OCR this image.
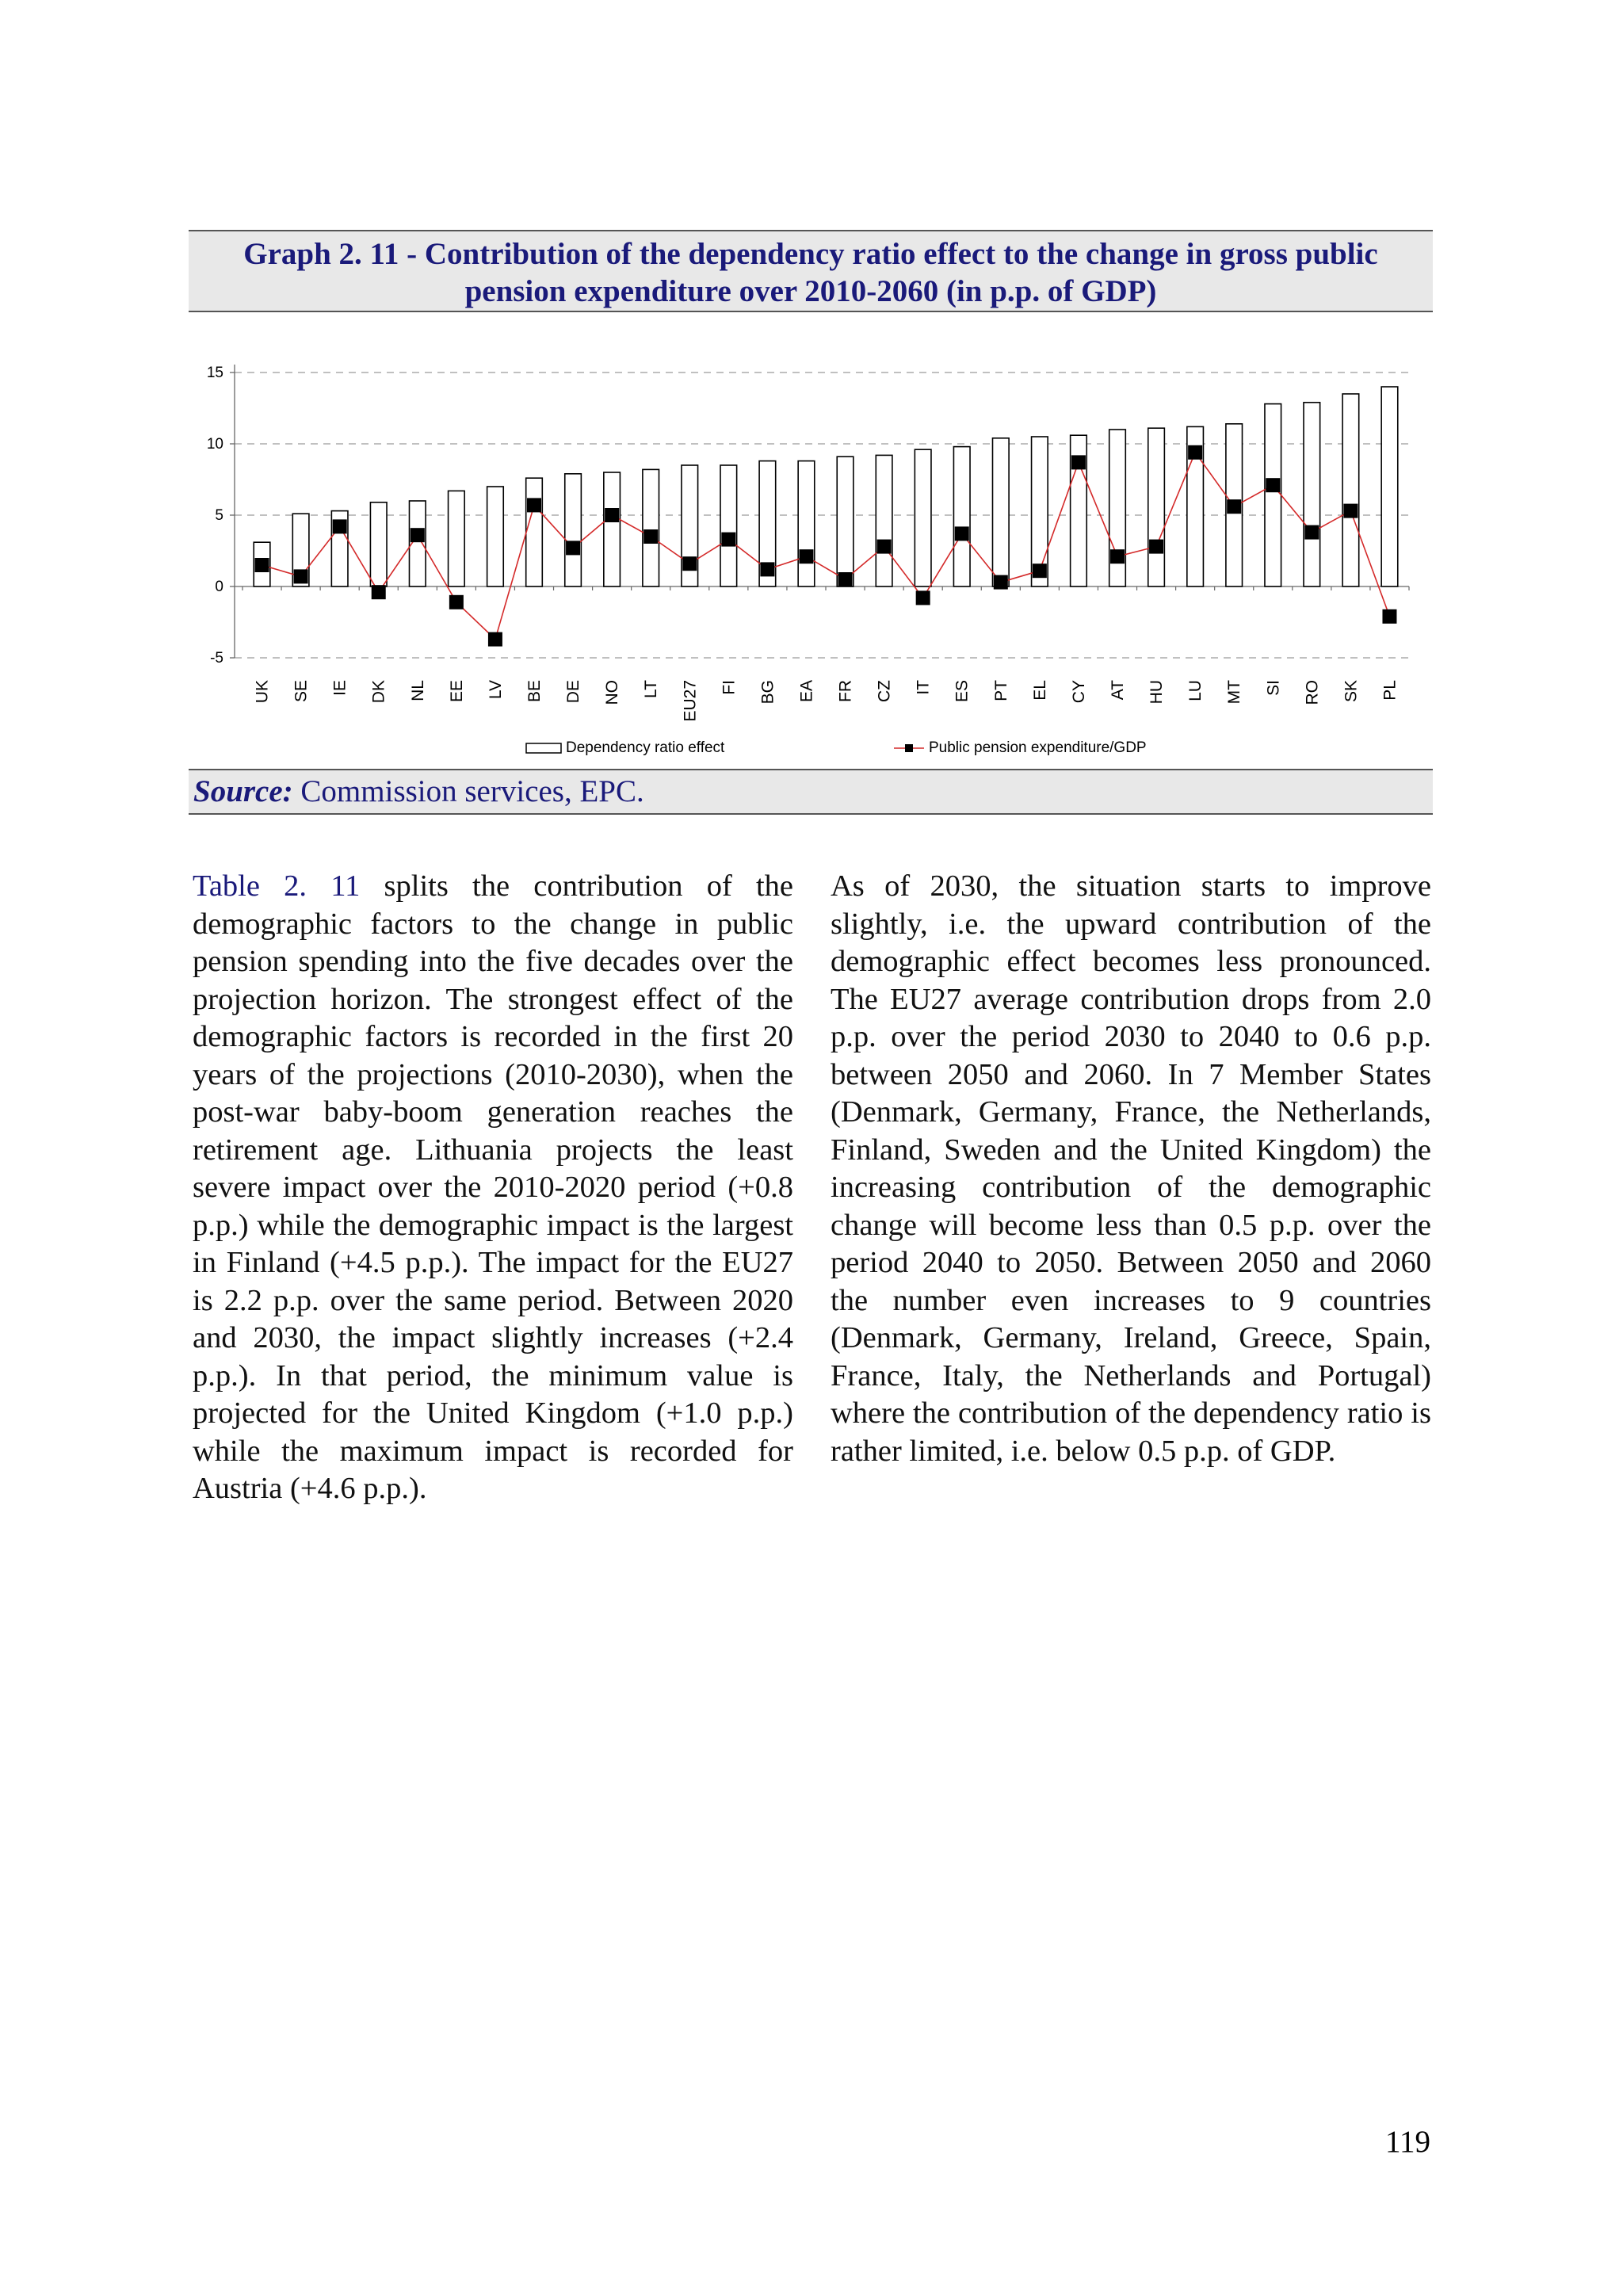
Graph 2. 11 - Contribution of the dependency ratio effect to the change in gross public
pension expenditure over 2010-2060 (in p.p. of GDP)
-5
0
5
10
15
UK SE IE DK NL EE LV BE DE NO LT EU27 FI BG EA FR CZ IT ES PT EL CY AT HU LU MT SI RO SK PL
Dependency ratio effect	Public pension expenditure/GDP
Source: Commission services, EPC.
Table 2. 11 splits the contribution of the demographic factors to the change in public pension spending into the five decades over the projection horizon. The strongest effect of the demographic factors is recorded in the first 20 years of the projections (2010-2030), when the post-war baby-boom generation reaches the retirement age. Lithuania projects the least severe impact over the 2010-2020 period (+0.8 p.p.) while the demographic impact is the largest in Finland (+4.5 p.p.). The impact for the EU27 is 2.2 p.p. over the same period. Between 2020 and 2030, the impact slightly increases (+2.4 p.p.). In that period, the minimum value is projected for the United Kingdom (+1.0 p.p.) while the maximum impact is recorded for Austria (+4.6 p.p.).
As of 2030, the situation starts to improve slightly, i.e. the upward contribution of the demographic effect becomes less pronounced. The EU27 average contribution drops from 2.0 p.p. over the period 2030 to 2040 to 0.6 p.p. between 2050 and 2060. In 7 Member States (Denmark, Germany, France, the Netherlands, Finland, Sweden and the United Kingdom) the increasing contribution of the demographic change will become less than 0.5 p.p. over the period 2040 to 2050. Between 2050 and 2060 the number even increases to 9 countries (Denmark, Germany, Ireland, Greece, Spain, France, Italy, the Netherlands and Portugal) where the contribution of the dependency ratio is rather limited, i.e. below 0.5 p.p. of GDP.
119
